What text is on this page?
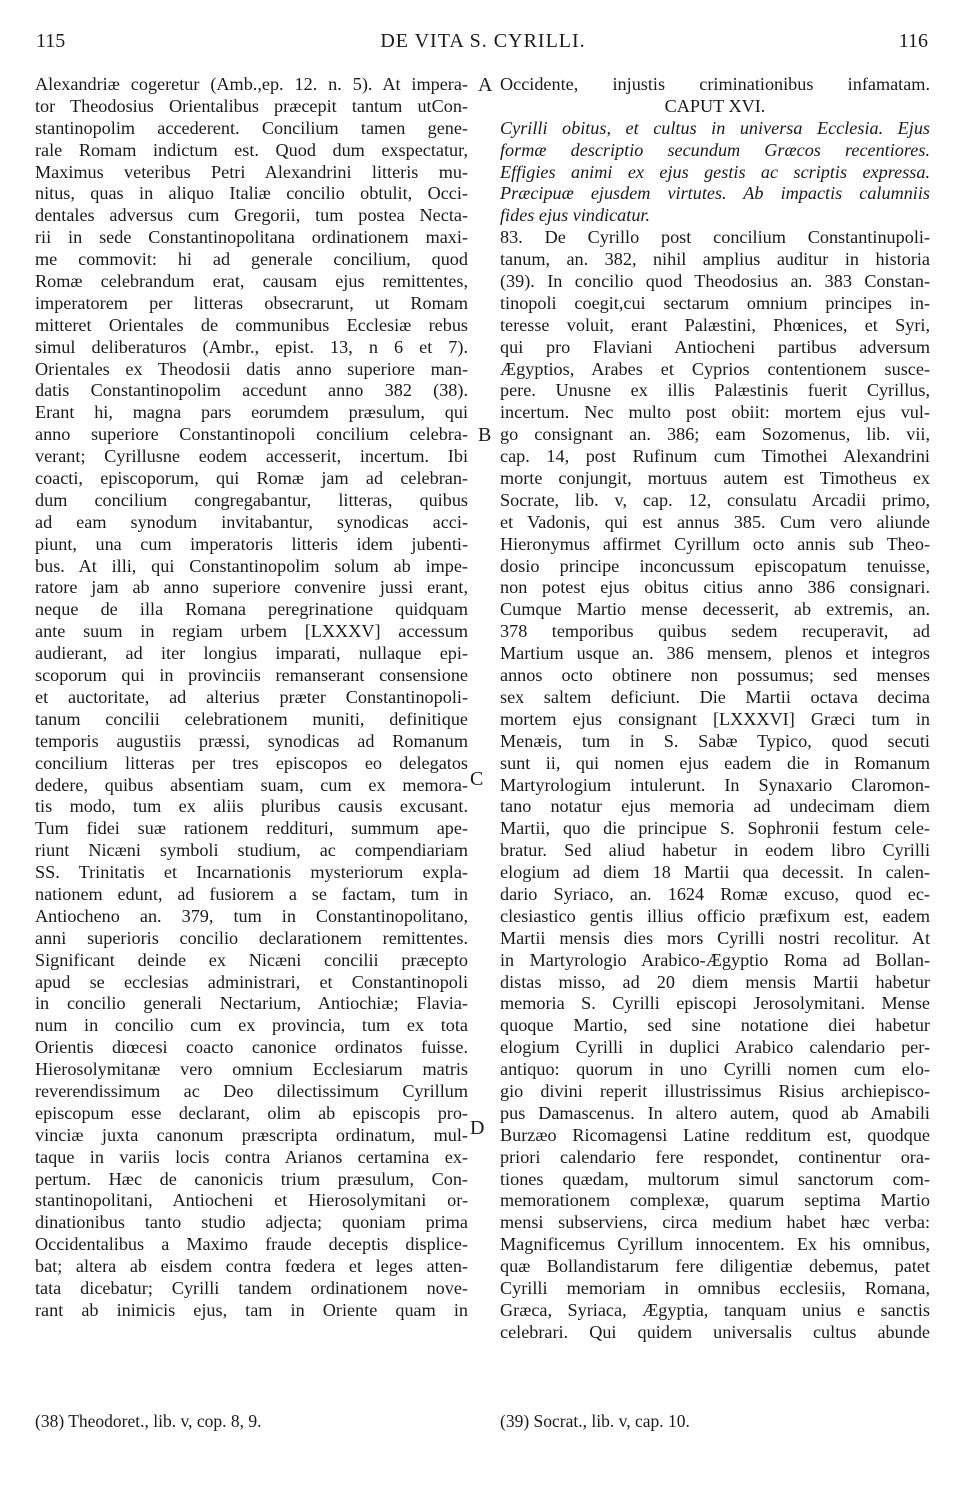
115	DE VITA S. CYRILLI.	116
Alexandriæ cogeretur (Amb.,ep. 12. n. 5). At impera-
tor Theodosius Orientalibus præcepit tantum utCon-
stantinopolim accederent. Concilium tamen gene-
rale Romam indictum est. Quod dum exspectatur,
Maximus veteribus Petri Alexandrini litteris mu-
nitus, quas in aliquo Italiæ concilio obtulit, Occi-
dentales adversus cum Gregorii, tum postea Necta-
rii in sede Constantinopolitana ordinationem maxi-
me commovit: hi ad generale concilium, quod
Romæ celebrandum erat, causam ejus remittentes,
imperatorem per litteras obsecrarunt, ut Romam
mitteret Orientales de communibus Ecclesiæ rebus
simul deliberaturos (Ambr., epist. 13, n 6 et 7).
Orientales ex Theodosii datis anno superiore man-
datis Constantinopolim accedunt anno 382 (38).
Erant hi, magna pars eorumdem præsulum, qui
anno superiore Constantinopoli concilium celebra-
verant; Cyrillusne eodem accesserit, incertum. Ibi
coacti, episcoporum, qui Romæ jam ad celebran-
dum concilium congregabantur, litteras, quibus
ad eam synodum invitabantur, synodicas acci-
piunt, una cum imperatoris litteris idem jubenti-
bus. At illi, qui Constantinopolim solum ab impe-
ratore jam ab anno superiore convenire jussi erant,
neque de illa Romana peregrinatione quidquam
ante suum in regiam urbem [LXXXV] accessum
audierant, ad iter longius imparati, nullaque epi-
scoporum qui in provinciis remanserant consensione
et auctoritate, ad alterius præter Constantinopoli-
tanum concilii celebrationem muniti, definitique
temporis augustiis præssi, synodicas ad Romanum
concilium litteras per tres episcopos eo delegatos
dedere, quibus absentiam suam, cum ex memora-
tis modo, tum ex aliis pluribus causis excusant.
Tum fidei suæ rationem reddituri, summum ape-
riunt Nicæni symboli studium, ac compendiariam
SS. Trinitatis et Incarnationis mysteriorum expla-
nationem edunt, ad fusiorem a se factam, tum in
Antiocheno an. 379, tum in Constantinopolitano,
anni superioris concilio declarationem remittentes.
Significant deinde ex Nicæni concilii præcepto
apud se ecclesias administrari, et Constantinopoli
in concilio generali Nectarium, Antiochiæ; Flavia-
num in concilio cum ex provincia, tum ex tota
Orientis diœcesi coacto canonice ordinatos fuisse.
Hierosolymitanæ vero omnium Ecclesiarum matris
reverendissimum ac Deo dilectissimum Cyrillum
episcopum esse declarant, olim ab episcopis pro-
vinciæ juxta canonum præscripta ordinatum, mul-
taque in variis locis contra Arianos certamina ex-
pertum. Hæc de canonicis trium præsulum, Con-
stantinopolitani, Antiocheni et Hierosolymitani or-
dinationibus tanto studio adjecta; quoniam prima
Occidentalibus a Maximo fraude deceptis displice-
bat; altera ab eisdem contra fœdera et leges atten-
tata dicebatur; Cyrilli tandem ordinationem nove-
rant ab inimicis ejus, tam in Oriente quam in
Occidente, injustis criminationibus infamatam.
CAPUT XVI.
Cyrilli obitus, et cultus in universa Ecclesia. Ejus
formæ descriptio secundum Græcos recentiores.
Effigies animi ex ejus gestis ac scriptis expressa.
Præcipuæ ejusdem virtutes. Ab impactis calumniis
fides ejus vindicatur.
83. De Cyrillo post concilium Constantinupoli-
tanum, an. 382, nihil amplius auditur in historia
(39). In concilio quod Theodosius an. 383 Constan-
tinopoli coegit,cui sectarum omnium principes in-
teresse voluit, erant Palæstini, Phœnices, et Syri,
qui pro Flaviani Antiocheni partibus adversum
Ægyptios, Arabes et Cyprios contentionem susce-
pere. Unusne ex illis Palæstinis fuerit Cyrillus,
incertum. Nec multo post obiit: mortem ejus vul-
go consignant an. 386; eam Sozomenus, lib. vii,
cap. 14, post Rufinum cum Timothei Alexandrini
morte conjungit, mortuus autem est Timotheus ex
Socrate, lib. v, cap. 12, consulatu Arcadii primo,
et Vadonis, qui est annus 385. Cum vero aliunde
Hieronymus affirmet Cyrillum octo annis sub Theo-
dosio principe inconcussum episcopatum tenuisse,
non potest ejus obitus citius anno 386 consignari.
Cumque Martio mense decesserit, ab extremis, an.
378 temporibus quibus sedem recuperavit, ad
Martium usque an. 386 mensem, plenos et integros
annos octo obtinere non possumus; sed menses
sex saltem deficiunt. Die Martii octava decima
mortem ejus consignant [LXXXVI] Græci tum in
Menæis, tum in S. Sabæ Typico, quod secuti
sunt ii, qui nomen ejus eadem die in Romanum
Martyrologium intulerunt. In Synaxario Claromon-
tano notatur ejus memoria ad undecimam diem
Martii, quo die principue S. Sophronii festum cele-
bratur. Sed aliud habetur in eodem libro Cyrilli
elogium ad diem 18 Martii qua decessit. In calen-
dario Syriaco, an. 1624 Romæ excuso, quod ec-
clesiastico gentis illius officio præfixum est, eadem
Martii mensis dies mors Cyrilli nostri recolitur. At
in Martyrologio Arabico-Ægyptio Roma ad Bollan-
distas misso, ad 20 diem mensis Martii habetur
memoria S. Cyrilli episcopi Jerosolymitani. Mense
quoque Martio, sed sine notatione diei habetur
elogium Cyrilli in duplici Arabico calendario per-
antiquo: quorum in uno Cyrilli nomen cum elo-
gio divini reperit illustrissimus Risius archiepisco-
pus Damascenus. In altero autem, quod ab Amabili
Burzæo Ricomagensi Latine redditum est, quodque
priori calendario fere respondet, continentur ora-
tiones quædam, multorum simul sanctorum com-
memorationem complexæ, quarum septima Martio
mensi subserviens, circa medium habet hæc verba:
Magnificemus Cyrillum innocentem. Ex his omnibus,
quæ Bollandistarum fere diligentiæ debemus, patet
Cyrilli memoriam in omnibus ecclesiis, Romana,
Græca, Syriaca, Ægyptia, tanquam unius e sanctis
celebrari. Qui quidem universalis cultus abunde
A
B
C
D
(38) Theodoret., lib. v, cop. 8, 9.	(39) Socrat., lib. v, cap. 10.
